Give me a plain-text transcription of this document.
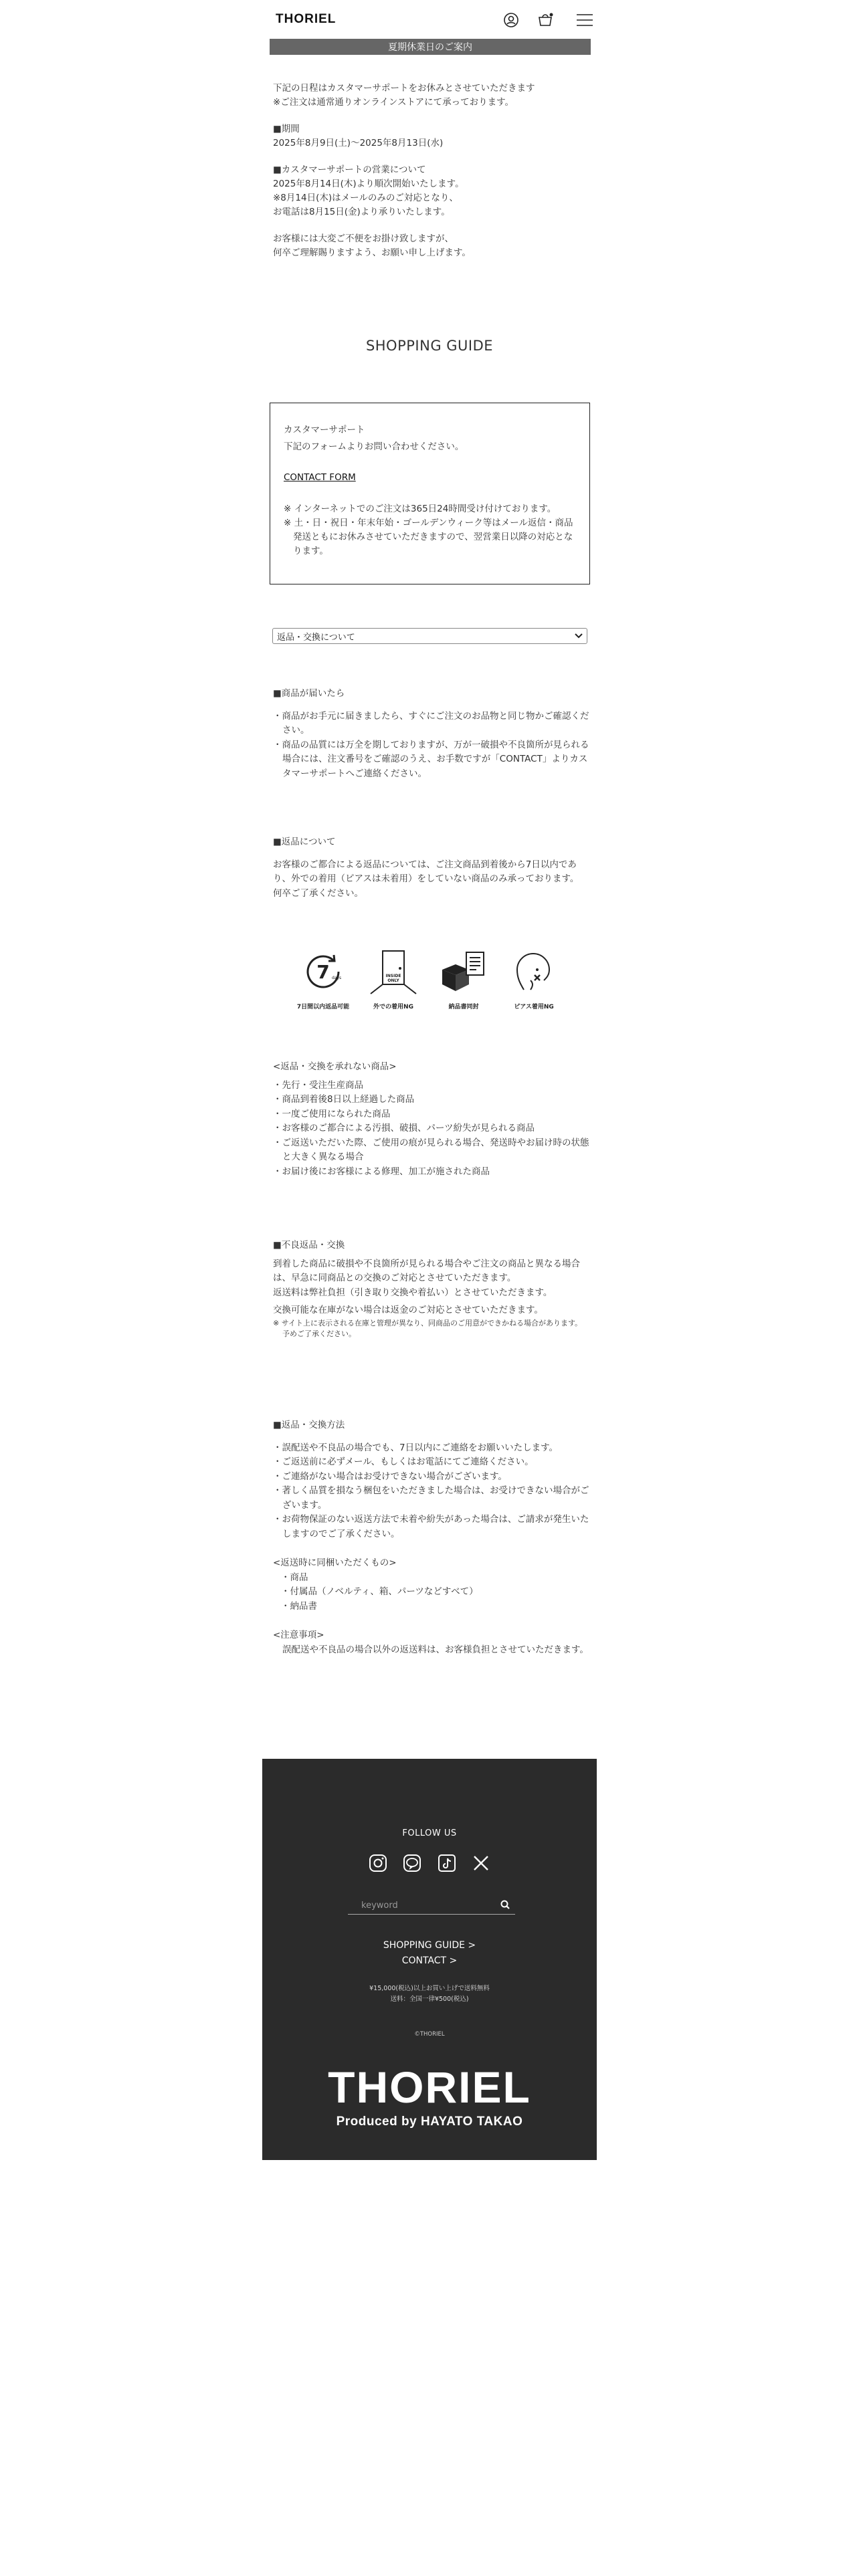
THORIEL
夏期休業日のご案内

下記の日程はカスタマーサポートをお休みとさせていただきます
※ご注文は通常通りオンラインストアにて承っております。

■期間
2025年8月9日(土)〜2025年8月13日(水)

■カスタマーサポートの営業について
2025年8月14日(木)より順次開始いたします。
※8月14日(木)はメールのみのご対応となり、
お電話は8月15日(金)より承りいたします。

お客様には大変ご不便をお掛け致しますが、
何卒ご理解賜りますよう、お願い申し上げます。

SHOPPING GUIDE
カスタマーサポート
下記のフォームよりお問い合わせください。
CONTACT FORM
※ インターネットでのご注文は365日24時間受け付けております。
※ 土・日・祝日・年末年始・ゴールデンウィーク等はメール返信・商品発送ともにお休みさせていただきますので、翌営業日以降の対応となります。
返品・交換について
■商品が届いたら
・商品がお手元に届きましたら、すぐにご注文のお品物と同じ物かご確認ください。
・商品の品質には万全を期しておりますが、万が一破損や不良箇所が見られる場合には、注文番号をご確認のうえ、お手数ですが「CONTACT」よりカスタマーサポートへご連絡ください。
■返品について

お客様のご都合による返品については、ご注文商品到着後から7日以内であり、外での着用（ピアスは未着用）をしていない商品のみ承っております。

何卒ご了承ください。

7 days
7日間以内返品可能
INSIDE
ONLY
外での着用NG	納品書同封	ピアス着用NG
<返品・交換を承れない商品>
・先行・受注生産商品
・商品到着後8日以上経過した商品
・一度ご使用になられた商品
・お客様のご都合による汚損、破損、パーツ紛失が見られる商品
・ご返送いただいた際、ご使用の痕が見られる場合、発送時やお届け時の状態と大きく異なる場合
・お届け後にお客様による修理、加工が施された商品
■不良返品・交換

到着した商品に破損や不良箇所が見られる場合やご注文の商品と異なる場合は、早急に同商品との交換のご対応とさせていただきます。

返送料は弊社負担（引き取り交換や着払い）とさせていただきます。

交換可能な在庫がない場合は返金のご対応とさせていただきます。

※ サイト上に表示される在庫と管理が異なり、同商品のご用意ができかねる場合があります。

予めご了承ください。

■返品・交換方法
・誤配送や不良品の場合でも、7日以内にご連絡をお願いいたします。
・ご返送前に必ずメール、もしくはお電話にてご連絡ください。
・ご連絡がない場合はお受けできない場合がございます。
・著しく品質を損なう梱包をいただきました場合は、お受けできない場合がございます。
・お荷物保証のない返送方法で未着や紛失があった場合は、ご請求が発生いたしますのでご了承ください。
<返送時に同梱いただくもの>
・商品
・付属品（ノベルティ、箱、パーツなどすべて）
・納品書
<注意事項>

誤配送や不良品の場合以外の返送料は、お客様負担とさせていただきます。

FOLLOW US
keyword
SHOPPING GUIDE >
CONTACT >
¥15,000(税込)以上お買い上げで送料無料
送料：全国一律¥500(税込)
©THORIEL
THORIEL
Produced by HAYATO TAKAO
